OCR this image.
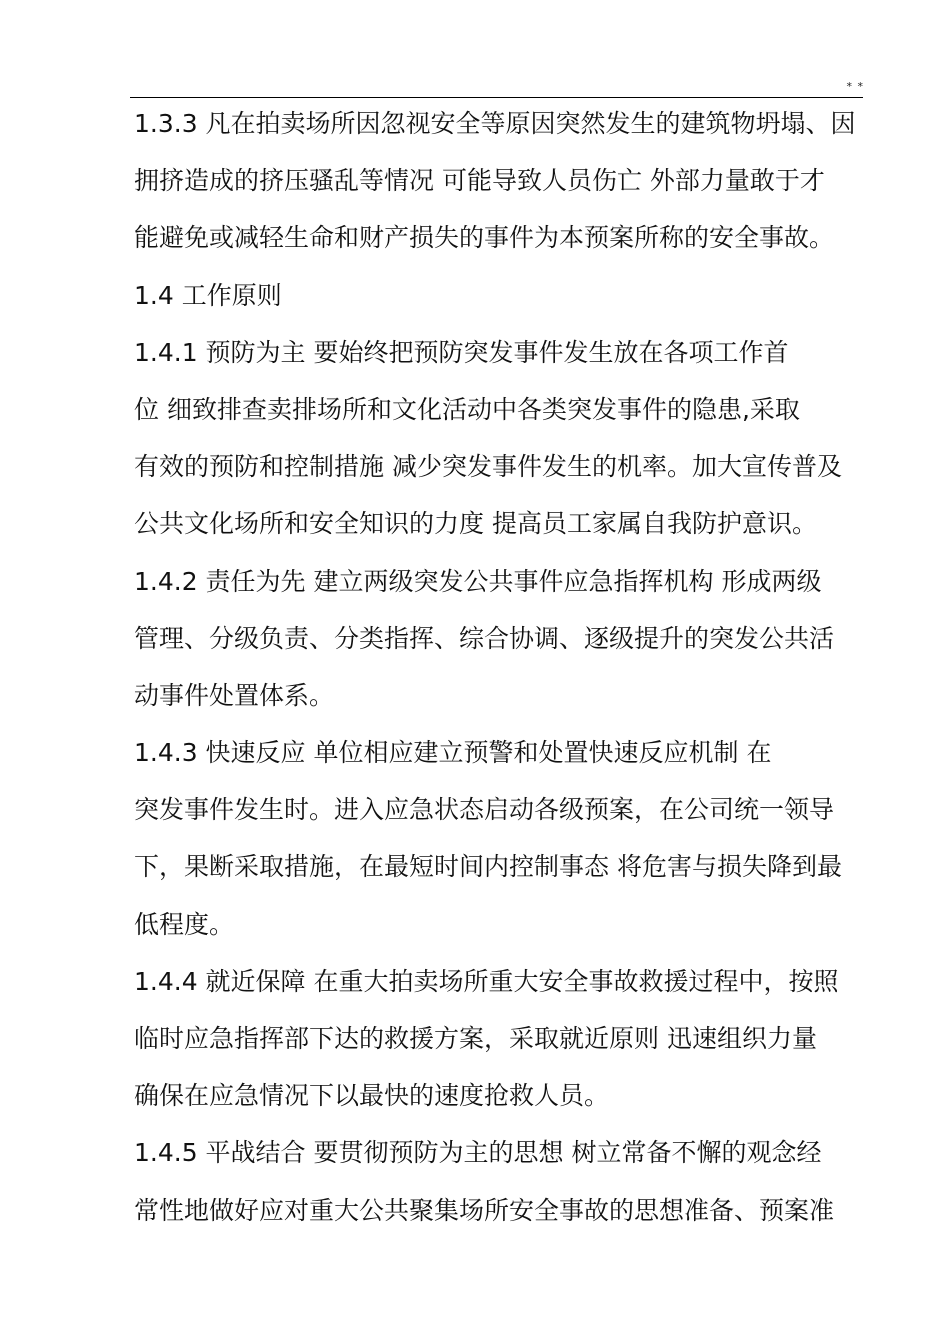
* *
1.3.3 凡在拍卖场所因忽视安全等原因突然发生的建筑物坍塌、因
拥挤造成的挤压骚乱等情况 可能导致人员伤亡 外部力量敢于才
能避免或减轻生命和财产损失的事件为本预案所称的安全事故。
1.4 工作原则
1.4.1 预防为主 要始终把预防突发事件发生放在各项工作首
位 细致排查卖排场所和文化活动中各类突发事件的隐患,采取
有效的预防和控制措施 减少突发事件发生的机率。加大宣传普及
公共文化场所和安全知识的力度 提高员工家属自我防护意识。
1.4.2 责任为先 建立两级突发公共事件应急指挥机构 形成两级
管理、分级负责、分类指挥、综合协调、逐级提升的突发公共活
动事件处置体系。
1.4.3 快速反应 单位相应建立预警和处置快速反应机制 在
突发事件发生时。进入应急状态启动各级预案，在公司统一领导
下，果断采取措施，在最短时间内控制事态 将危害与损失降到最
低程度。
1.4.4 就近保障 在重大拍卖场所重大安全事故救援过程中，按照
临时应急指挥部下达的救援方案，采取就近原则 迅速组织力量
确保在应急情况下以最快的速度抢救人员。
1.4.5 平战结合 要贯彻预防为主的思想 树立常备不懈的观念经
常性地做好应对重大公共聚集场所安全事故的思想准备、预案准
